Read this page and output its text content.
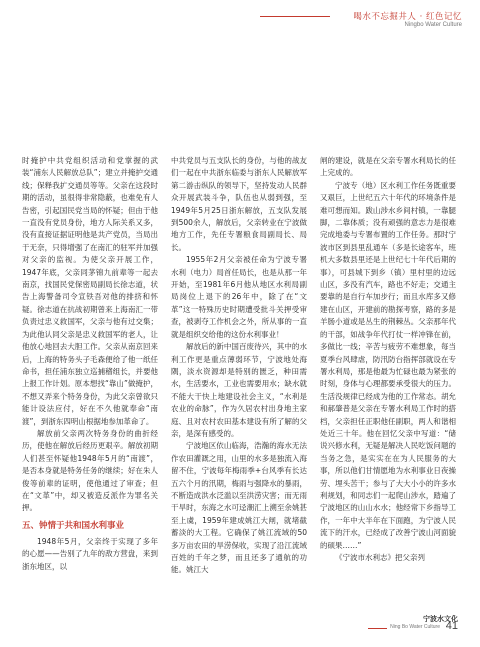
喝水不忘掘井人 · 红色记忆
Ningbo Water Culture

时掩护中共党组织活动和党掌握的武装“浦东人民解放总队”；建立并掩护交通线；保释我扩交通员等等。父亲在这段时期的活动，虽很得非常隐蔽，也难免有人告密，引起国民党当局的怀疑；但由于他一直没有党员身份，地方人际关系又多，没有直接证据证明他是共产党员，当局出于无奈，只得增强了在南汇的驻军并加强对父亲的监视。为使父亲开展工作，1947年底，父亲同茅锦九前辈等一起去南京，找国民党保密局副局长徐志道，状告上海警备司令宣铁吾对他的排挤和怀疑。徐志道在抗战初期曾来上海南汇一带负责过忠义救国军，父亲与他有过交集；为此他认同父亲是忠义救国军的老人，让他放心地回去大胆工作。父亲从南京回来后，上海的特务头子毛森便给了他一纸任命书，担任浦东独立巡捕稽组长，并要他上报工作计划。原本想找“靠山”做掩护，不想又弄来个特务身份，为此父亲曾欲只能计设法应付，好在不久他就奉命“南渡”，到浙东四明山根据地参加革命了。

解放前父亲两次特务身份的曲折经历，使他在解放后经历更艰辛。解放初期人们甚至怀疑他1948年5月的“南渡”，是否本身就是特务任务的继续；好在朱人俊等前辈的证明，使他通过了审查；但在“文革”中，却又被造反派作为罪名关押。

五、钟情于共和国水利事业

1948年5月，父亲终于实现了多年的心愿——告别了九年的敌方营盘，来到浙东地区，以

中共党员与五支队长的身份，与他的战友们一起在中共浙东临委与浙东人民解放军第二游击纵队的领导下，坚持发动人民群众开展武装斗争，队伍也从弱到强，至1949年5月25日浙东解放，五支队发展到500余人，解放后，父亲转业在宁波做地方工作，先任专署粮食局副局长、局长。

1955年2月父亲被任命为宁波专署水利（电力）局首任局长，也是从那一年开始，至1981年6月他从地区水利局副局岗位上退下的26年中，除了在“文革”这一特殊历史时期遭受批斗关押受审查，被剥夺工作机会之外，所从事的一直就是组织交给他的这份水利事业！

解放后的新中国百废待兴，其中的水利工作更是重点薄弱环节，宁波地处海隅，淡水资源却是特别的匮乏，种田需水，生活要水，工业也需要用水；缺水就不能大干快上地建设社会主义，“水利是农业的命脉”，作为久居农村出身地主家庭、且对农村农田基本建设有所了解的父亲，是深有感受的。

宁波地区依山临海，浩瀚的海水无法作农田灌溉之用，山里的水多是独流入海留不住，宁波每年梅雨季+台风季有长达五六个月的汛期，梅雨与强降水的暴雨，不断造成洪水泛滥以至洪涝灾害；而无雨干旱时，东海之水可迳潮汇上溯至余姚甚至上虞，1959年建成姚江大闸，就堵截蓄淡的大工程。它确保了姚江流域的50多万亩农田的旱涝保收，实现了沿江流域百姓的千年之梦，而且还多了通航的功能。姚江大

闸的建设，就是在父亲专署水利局长的任上完成的。

宁波专（地）区水利工作任务既重要又艰巨，上世纪五六十年代的环境条件是难可想而知。跋山涉水乡间村镇，一靠腿脚，二靠体质；没有顽强的意志力是很难完成地委与专署布置的工作任务。那时宁波市区到县里乱通车（多是长途客车，班机大多数县里还是上世纪七十年代后期的事），可县城下到乡（镇）里村里的边远山区，多没有汽车，路也不好走；交通主要靠的是自行车加步行；而且水库多又修建在山区，开建前的勘探考察，路的多是羊肠小道或是丛生的荆棘丛。父亲那年代的干部，如战争年代打仗一样冲锋在前，多做比一线；辛苦与疲劳不难想象，每当夏季台风肆虐，防汛防台指挥部就设在专署水利局，那是他最为忙碌也最为紧张的时刻，身体与心理都要承受很大的压力。生活没规律已经成为他的工作常态。胡允和郝肇普是父亲在专署水利局工作时的搭档，父亲担任正职他任副职，两人和谐相处近三十年。他在回忆父亲中写道：“储说兴修水利，无疑是解决人民吃饭问题的当务之急，是实实在在为人民服务的大事，所以他们甘情愿地为水利事业日夜操劳、埋头苦干；参与了大大小小的许多水利规划，和同志们一起爬山涉水，踏遍了宁波地区的山山水水；他经常下乡指导工作，一年中大半年在下面跑，为宁波人民流下的汗水，已经成了改善宁波山河面貌的硕果……”

《宁波市水利志》把父亲列

宁波水文化
Ning Bo Water Culture 41
